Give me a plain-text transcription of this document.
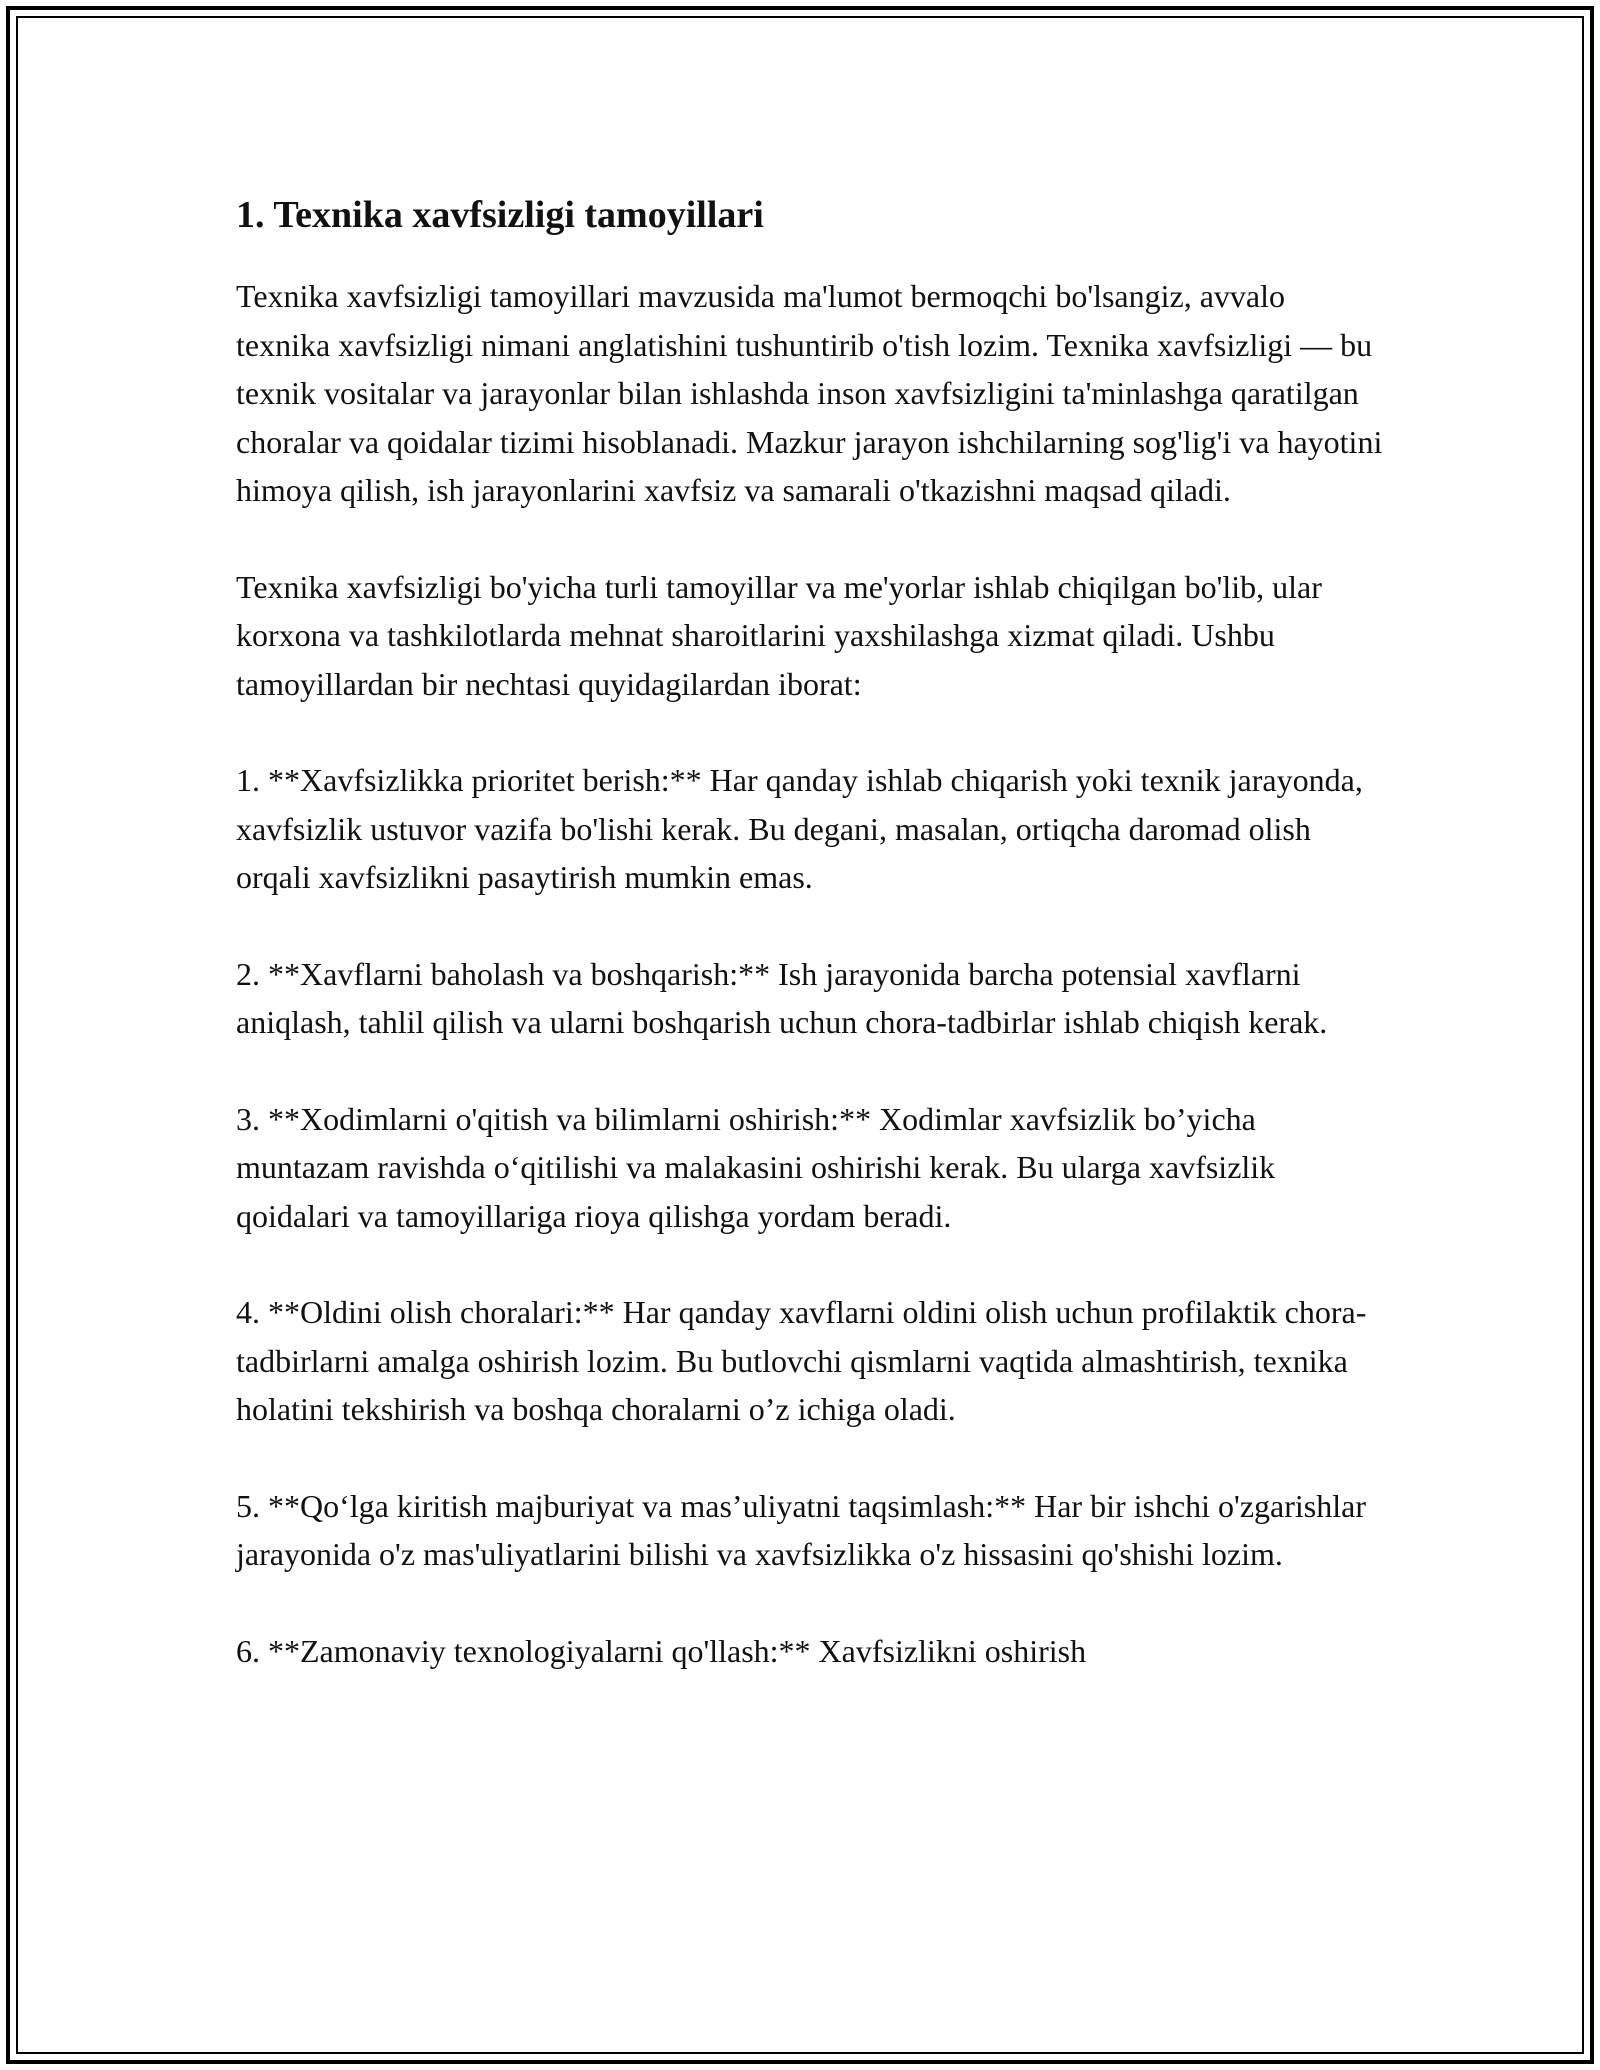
1. Texnika xavfsizligi tamoyillari

Texnika xavfsizligi tamoyillari mavzusida ma'lumot bermoqchi bo'lsangiz, avvalo texnika xavfsizligi nimani anglatishini tushuntirib o'tish lozim. Texnika xavfsizligi — bu texnik vositalar va jarayonlar bilan ishlashda inson xavfsizligini ta'minlashga qaratilgan choralar va qoidalar tizimi hisoblanadi. Mazkur jarayon ishchilarning sog'lig'i va hayotini himoya qilish, ish jarayonlarini xavfsiz va samarali o'tkazishni maqsad qiladi.

Texnika xavfsizligi bo'yicha turli tamoyillar va me'yorlar ishlab chiqilgan bo'lib, ular korxona va tashkilotlarda mehnat sharoitlarini yaxshilashga xizmat qiladi. Ushbu tamoyillardan bir nechtasi quyidagilardan iborat:

1. **Xavfsizlikka prioritet berish:** Har qanday ishlab chiqarish yoki texnik jarayonda, xavfsizlik ustuvor vazifa bo'lishi kerak. Bu degani, masalan, ortiqcha daromad olish orqali xavfsizlikni pasaytirish mumkin emas.

2. **Xavflarni baholash va boshqarish:** Ish jarayonida barcha potensial xavflarni aniqlash, tahlil qilish va ularni boshqarish uchun chora-tadbirlar ishlab chiqish kerak.

3. **Xodimlarni o'qitish va bilimlarni oshirish:** Xodimlar xavfsizlik bo’yicha muntazam ravishda o‘qitilishi va malakasini oshirishi kerak. Bu ularga xavfsizlik qoidalari va tamoyillariga rioya qilishga yordam beradi.

4. **Oldini olish choralari:** Har qanday xavflarni oldini olish uchun profilaktik chora-tadbirlarni amalga oshirish lozim. Bu butlovchi qismlarni vaqtida almashtirish, texnika holatini tekshirish va boshqa choralarni o’z ichiga oladi.

5. **Qo‘lga kiritish majburiyat va mas’uliyatni taqsimlash:** Har bir ishchi o'zgarishlar jarayonida o'z mas'uliyatlarini bilishi va xavfsizlikka o'z hissasini qo'shishi lozim.

6. **Zamonaviy texnologiyalarni qo'llash:** Xavfsizlikni oshirish
